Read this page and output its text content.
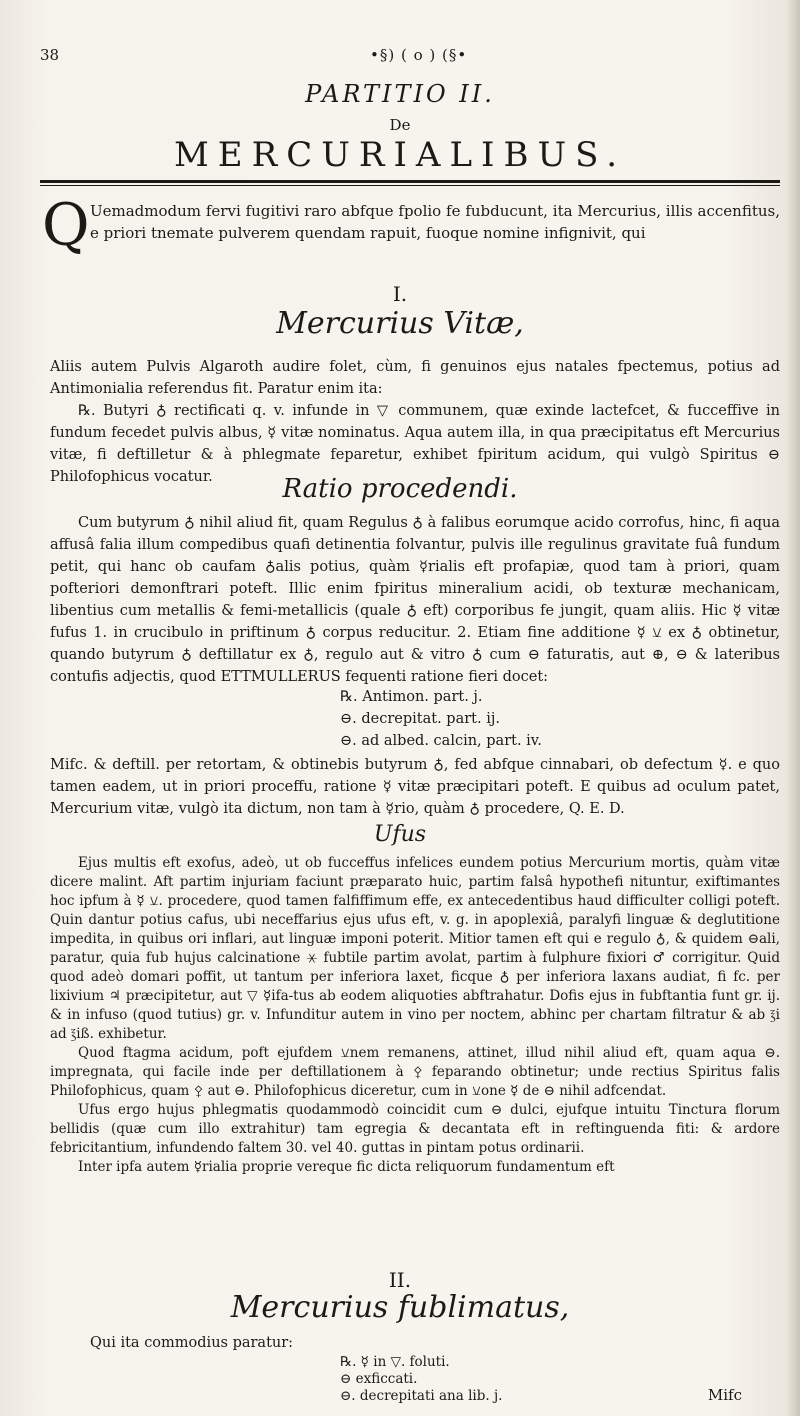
38	•§) ( o ) (§•
PARTITIO II.
De
MERCURIALIBUS.
Q Uemadmodum fervi fugitivi raro abfque fpolio fe fubducunt, ita Mercurius, illis accenfitus, e priori tnemate pulverem quendam rapuit, fuoque nomine infignivit, qui
I.
Mercurius Vitæ,

Aliis autem Pulvis Algaroth audire folet, cùm, fi genuinos ejus natales fpectemus, potius ad Antimonialia referendus fit. Paratur enim ita:

℞. Butyri ♁ rectificati q. v. infunde in ▽ communem, quæ exinde lactefcet, & fucceffive in fundum fecedet pulvis albus, ☿ vitæ nominatus. Aqua autem illa, in qua præcipitatus eft Mercurius vitæ, fi deftilletur & à phlegmate feparetur, exhibet fpiritum acidum, qui vulgò Spiritus ⊖ Philofophicus vocatur.	Ratio procedendi.

Cum butyrum ♁ nihil aliud fit, quam Regulus ♁ à falibus eorumque acido corrofus, hinc, fi aqua affusâ falia illum compedibus quafi detinentia folvantur, pulvis ille regulinus gravitate fuâ fundum petit, qui hanc ob caufam ♁alis potius, quàm ☿rialis eft profapiæ, quod tam à priori, quam pofteriori demonftrari poteft. Illic enim fpiritus mineralium acidi, ob texturæ mechanicam, libentius cum metallis & femi-metallicis (quale ♁ eft) corporibus fe jungit, quam aliis. Hic ☿ vitæ fufus 1. in crucibulo in priftinum ♁ corpus reducitur. 2. Etiam fine additione ☿ ⚺ ex ♁ obtinetur, quando butyrum ♁ deftillatur ex ♁, regulo aut & vitro ♁ cum ⊖ faturatis, aut ⊕, ⊖ & lateribus contufis adjectis, quod ETTMULLERUS fequenti ratione fieri docet:

℞. Antimon. part. j.
⊖. decrepitat. part. ij.
⊖. ad albed. calcin, part. iv.

Mifc. & deftill. per retortam, & obtinebis butyrum ♁, fed abfque cinnabari, ob defectum ☿. e quo tamen eadem, ut in priori proceffu, ratione ☿ vitæ præcipitari poteft. E quibus ad oculum patet, Mercurium vitæ, vulgò ita dictum, non tam à ☿rio, quàm ♁ procedere, Q. E. D.

Ufus

Ejus multis eft exofus, adeò, ut ob fucceffus infelices eundem potius Mercurium mortis, quàm vitæ dicere malint. Aft partim injuriam faciunt præparato huic, partim falsâ hypothefi nituntur, exiftimantes hoc ipfum à ☿ ⚺. procedere, quod tamen falfiffimum effe, ex antecedentibus haud difficulter colligi poteft. Quin dantur potius cafus, ubi neceffarius ejus ufus eft, v. g. in apoplexiâ, paralyfi linguæ & deglutitione impedita, in quibus ori inflari, aut linguæ imponi poterit. Mitior tamen eft qui e regulo ♁, & quidem ⊖ali, paratur, quia fub hujus calcinatione ⚹ fubtile partim avolat, partim à fulphure fixiori ♂ corrigitur. Quid quod adeò domari poffit, ut tantum per inferiora laxet, ficque ♁ per inferiora laxans audiat, fi fc. per lixivium ♃ præcipitetur, aut ▽ ☿ifa-tus ab eodem aliquoties abftrahatur. Dofis ejus in fubftantia funt gr. ij. & in infuso (quod tutius) gr. v. Infunditur autem in vino per noctem, abhinc per chartam filtratur & ab ℥i ad ℥iß. exhibetur.

Quod ftagma acidum, poft ejufdem ⚺nem remanens, attinet, illud nihil aliud eft, quam aqua ⊖. impregnata, qui facile inde per deftillationem à ⚴ feparando obtinetur; unde rectius Spiritus falis Philofophicus, quam ⚴ aut ⊖. Philofophicus diceretur, cum in ⚺one ☿ de ⊖ nihil adfcendat.

Ufus ergo hujus phlegmatis quodammodò coincidit cum ⊖ dulci, ejufque intuitu Tinctura florum bellidis (quæ cum illo extrahitur) tam egregia & decantata eft in reftinguenda fiti: & ardore febricitantium, infundendo faltem 30. vel 40. guttas in pintam potus ordinarii.

Inter ipfa autem ☿rialia proprie vereque fic dicta reliquorum fundamentum eft

II.
Mercurius fublimatus,

Qui ita commodius paratur:

℞. ☿ in ▽. foluti.
⊖ exficcati.
⊖. decrepitati ana lib. j.	Mifc
